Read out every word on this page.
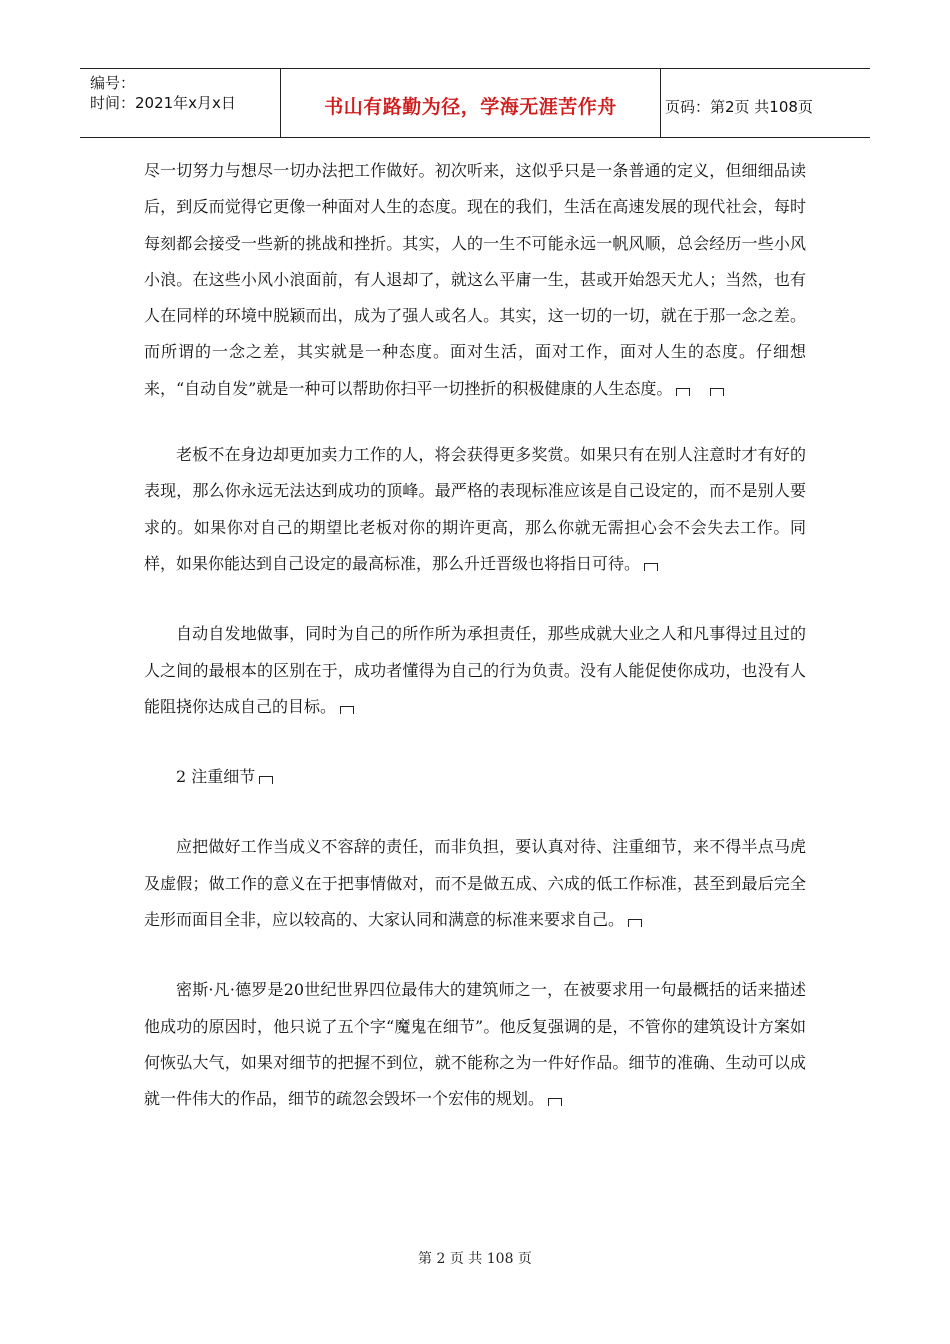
编号：
时间：2021年x月x日	书山有路勤为径，学海无涯苦作舟	页码：第2页 共108页

尽一切努力与想尽一切办法把工作做好。初次听来，这似乎只是一条普通的定义，但细细品读后，到反而觉得它更像一种面对人生的态度。现在的我们，生活在高速发展的现代社会，每时每刻都会接受一些新的挑战和挫折。其实，人的一生不可能永远一帆风顺，总会经历一些小风小浪。在这些小风小浪面前，有人退却了，就这么平庸一生，甚或开始怨天尤人；当然，也有人在同样的环境中脱颖而出，成为了强人或名人。其实，这一切的一切，就在于那一念之差。而所谓的一念之差，其实就是一种态度。面对生活，面对工作，面对人生的态度。仔细想来，“自动自发”就是一种可以帮助你扫平一切挫折的积极健康的人生态度。 

老板不在身边却更加卖力工作的人，将会获得更多奖赏。如果只有在别人注意时才有好的表现，那么你永远无法达到成功的顶峰。最严格的表现标准应该是自己设定的，而不是别人要求的。如果你对自己的期望比老板对你的期许更高，那么你就无需担心会不会失去工作。同样，如果你能达到自己设定的最高标准，那么升迁晋级也将指日可待。

自动自发地做事，同时为自己的所作所为承担责任，那些成就大业之人和凡事得过且过的人之间的最根本的区别在于，成功者懂得为自己的行为负责。没有人能促使你成功，也没有人能阻挠你达成自己的目标。

2 注重细节

应把做好工作当成义不容辞的责任，而非负担，要认真对待、注重细节，来不得半点马虎及虚假；做工作的意义在于把事情做对，而不是做五成、六成的低工作标准，甚至到最后完全走形而面目全非，应以较高的、大家认同和满意的标准来要求自己。

密斯·凡·德罗是20世纪世界四位最伟大的建筑师之一，在被要求用一句最概括的话来描述他成功的原因时，他只说了五个字“魔鬼在细节”。他反复强调的是，不管你的建筑设计方案如何恢弘大气，如果对细节的把握不到位，就不能称之为一件好作品。细节的准确、生动可以成就一件伟大的作品，细节的疏忽会毁坏一个宏伟的规划。

第 2 页 共 108 页
